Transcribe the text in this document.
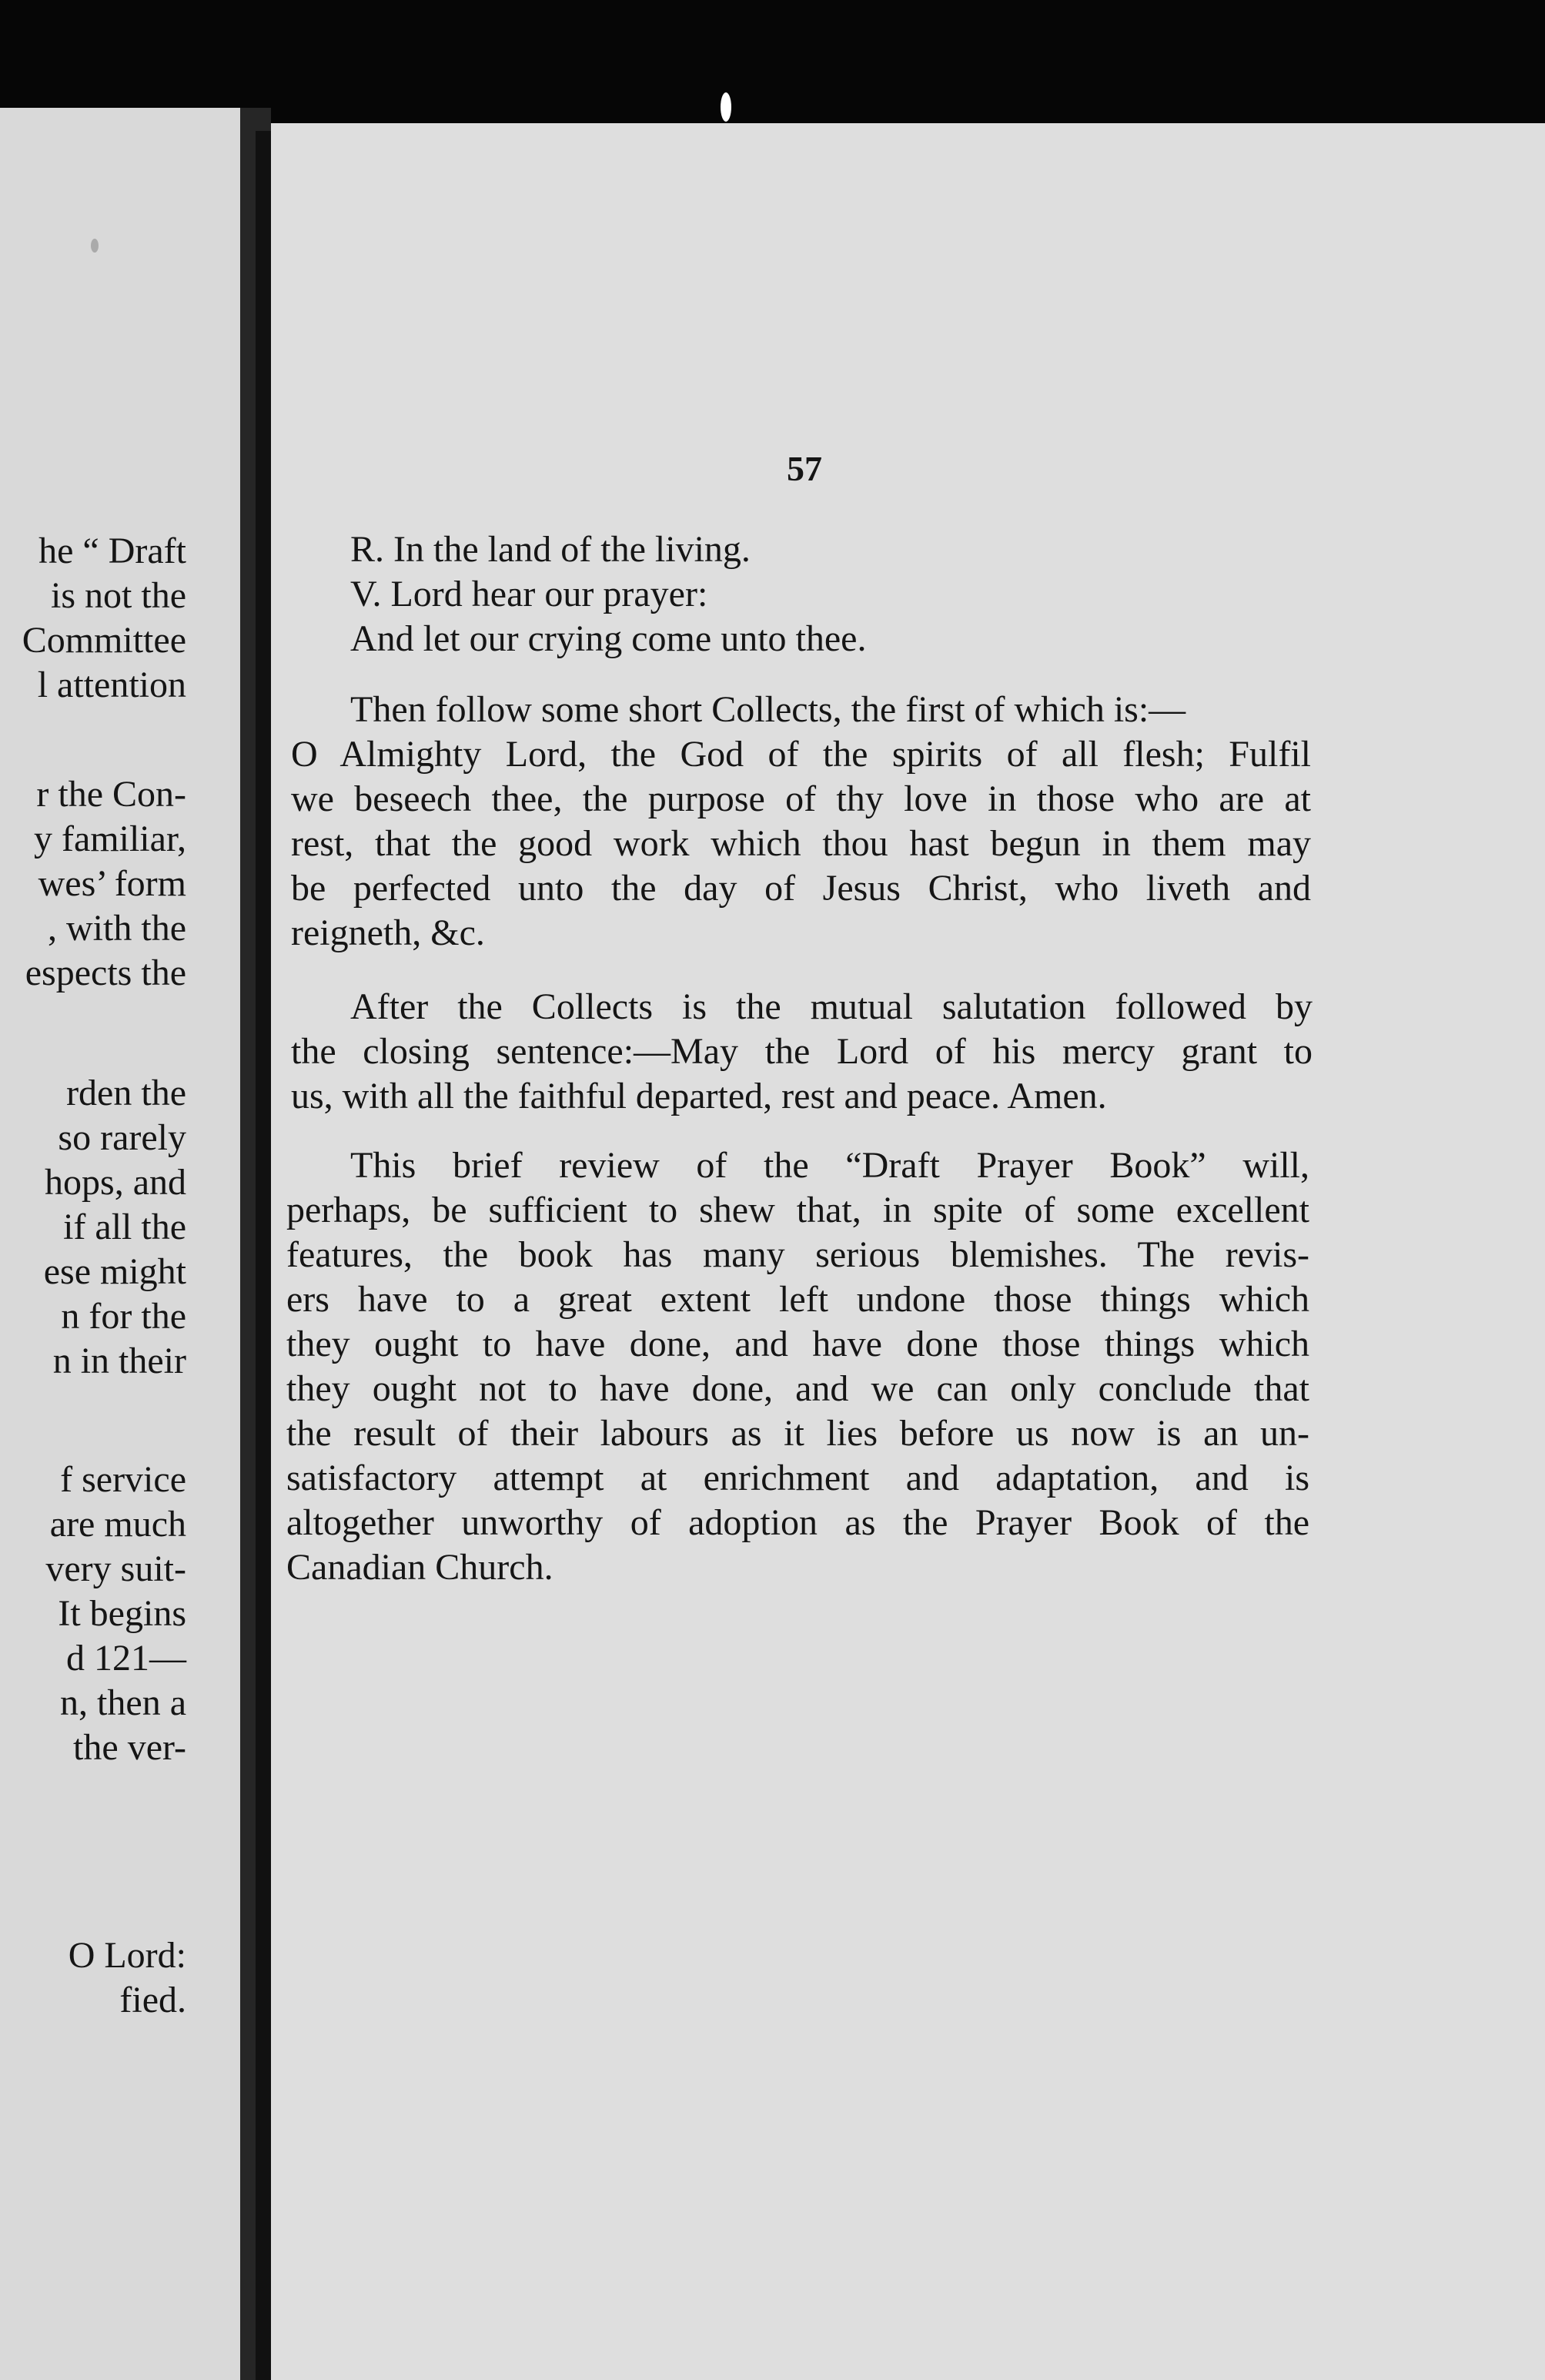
he “ Draft
is not the
Committee
l attention
r the Con-
y familiar,
wes’ form
, with the
espects the
rden the
so rarely
hops, and
if all the
ese might
n for the
n in their
f service
are much
very suit-
It begins
d 121—
n, then a
the ver-
O Lord:
fied.
57
R. In the land of the living.
V. Lord hear our prayer:
And let our crying come unto thee.
Then follow some short Collects, the first of which is:—
O Almighty Lord, the God of the spirits of all flesh; Fulfil
we beseech thee, the purpose of thy love in those who are at
rest, that the good work which thou hast begun in them may
be perfected unto the day of Jesus Christ, who liveth and
reigneth, &c.
After the Collects is the mutual salutation followed by
the closing sentence:—May the Lord of his mercy grant to
us, with all the faithful departed, rest and peace. Amen.
This brief review of the “Draft Prayer Book” will,
perhaps, be sufficient to shew that, in spite of some excellent
features, the book has many serious blemishes. The revis-
ers have to a great extent left undone those things which
they ought to have done, and have done those things which
they ought not to have done, and we can only conclude that
the result of their labours as it lies before us now is an un-
satisfactory attempt at enrichment and adaptation, and is
altogether unworthy of adoption as the Prayer Book of the
Canadian Church.
